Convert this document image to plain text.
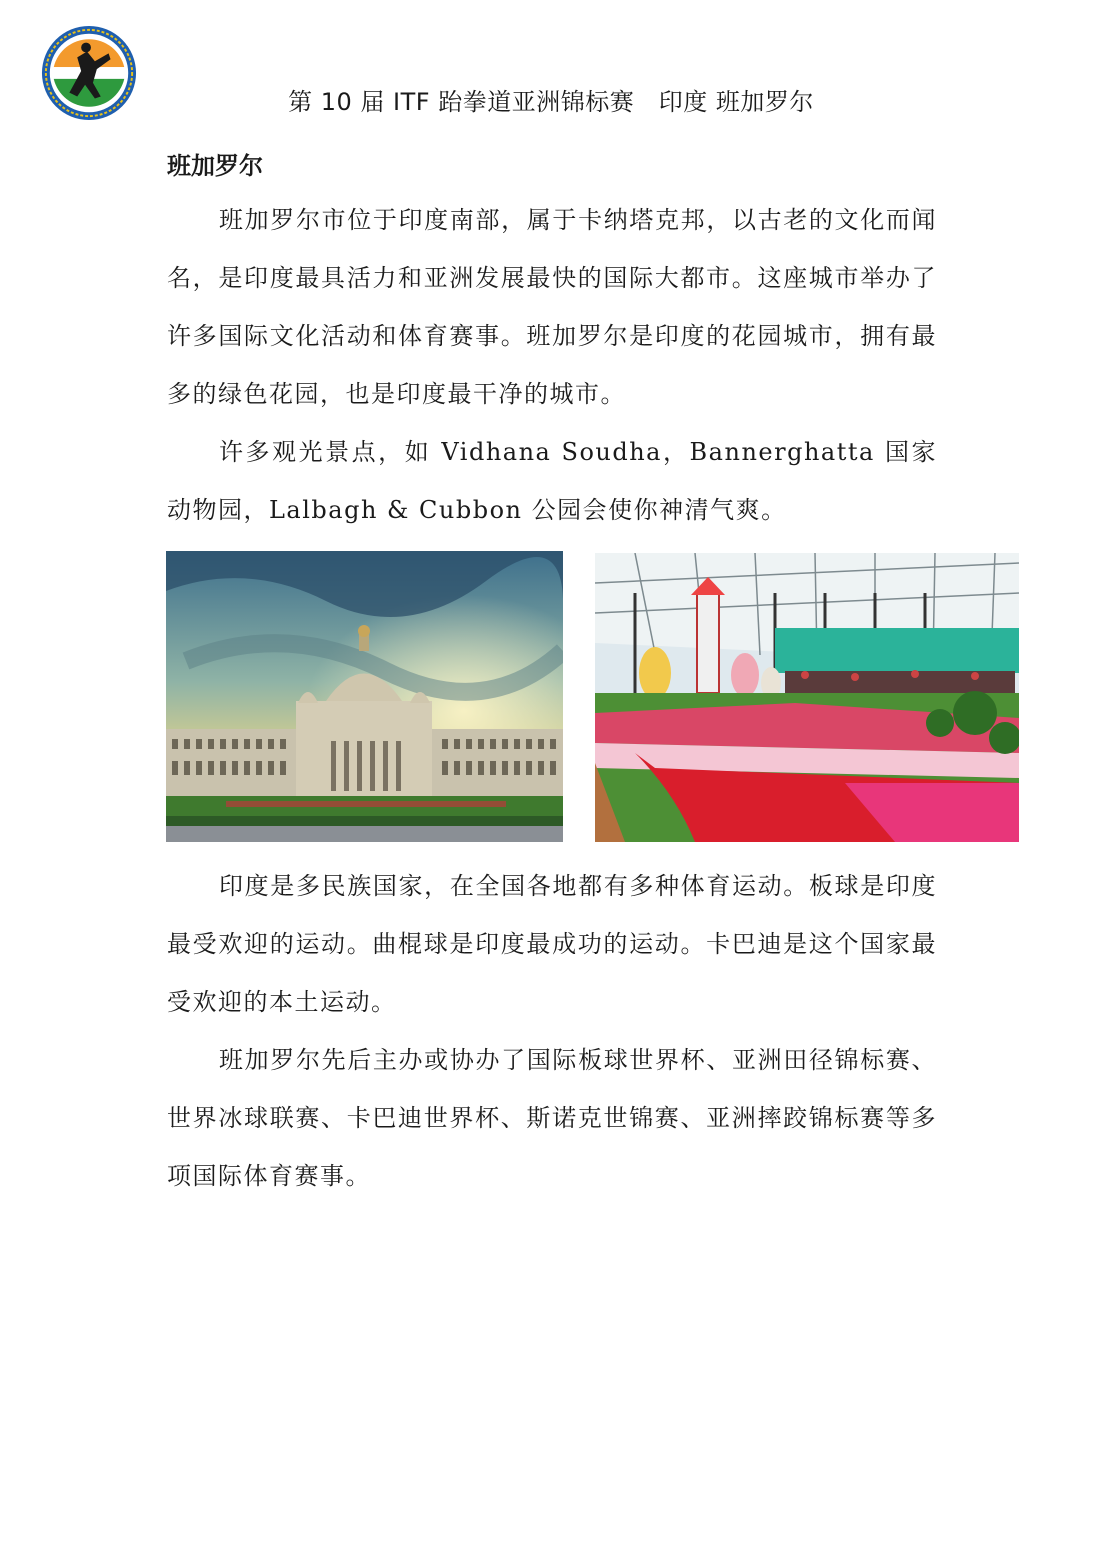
第 10 届 ITF 跆拳道亚洲锦标赛　印度 班加罗尔
班加罗尔

班加罗尔市位于印度南部，属于卡纳塔克邦，以古老的文化而闻名，是印度最具活力和亚洲发展最快的国际大都市。这座城市举办了许多国际文化活动和体育赛事。班加罗尔是印度的花园城市，拥有最多的绿色花园，也是印度最干净的城市。

许多观光景点，如 Vidhana Soudha，Bannerghatta 国家动物园，Lalbagh & Cubbon 公园会使你神清气爽。

印度是多民族国家，在全国各地都有多种体育运动。板球是印度最受欢迎的运动。曲棍球是印度最成功的运动。卡巴迪是这个国家最受欢迎的本土运动。

班加罗尔先后主办或协办了国际板球世界杯、亚洲田径锦标赛、世界冰球联赛、卡巴迪世界杯、斯诺克世锦赛、亚洲摔跤锦标赛等多项国际体育赛事。
